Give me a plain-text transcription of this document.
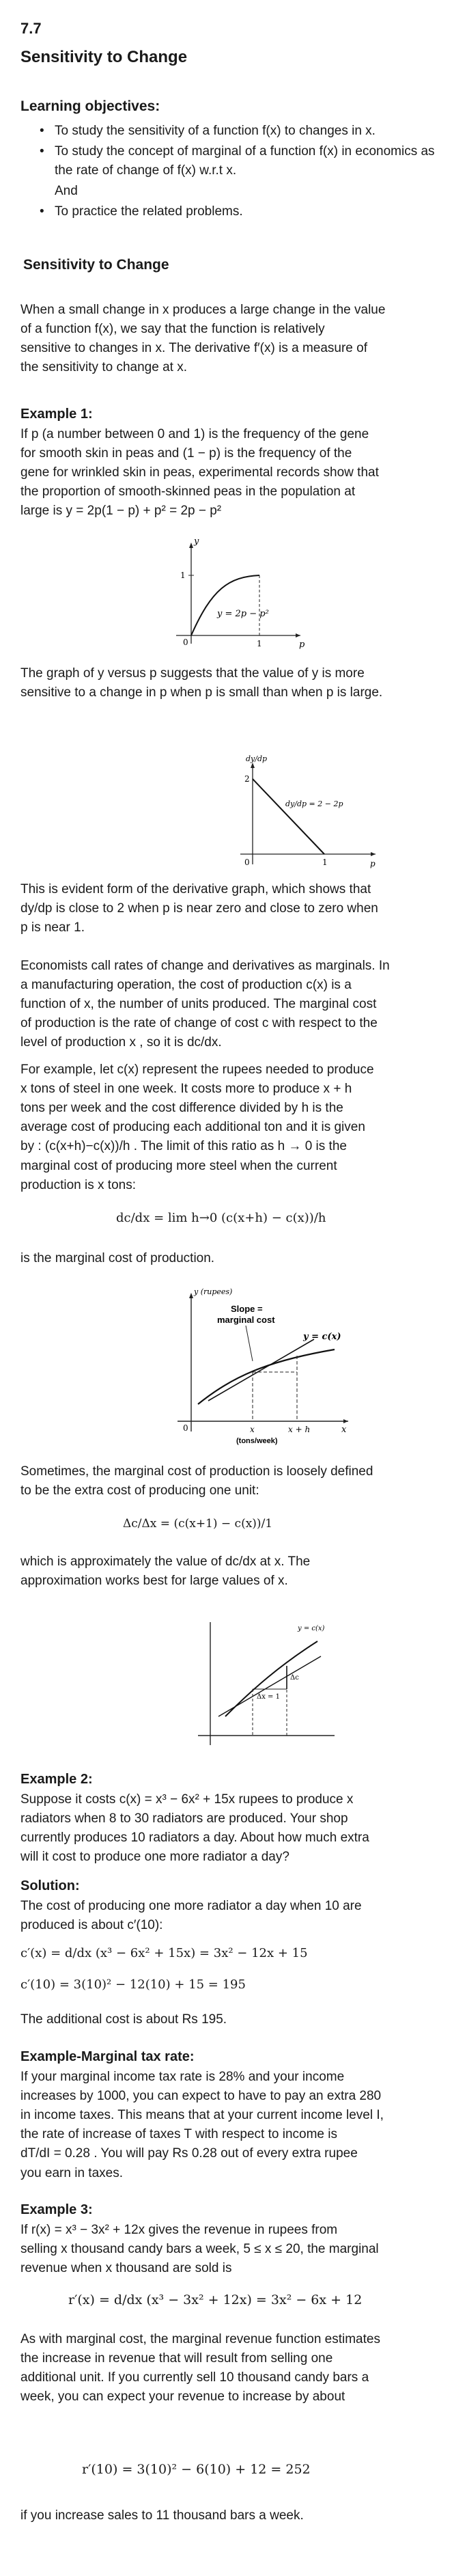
7.7
Sensitivity to Change
Learning objectives:
• To study the sensitivity of a function f(x) to changes in x.
• To study the concept of marginal of a function f(x) in economics as the rate of change of f(x) w.r.t x.
And
• To practice the related problems.
Sensitivity to Change
When a small change in x produces a large change in the value
of a function f(x), we say that the function is relatively
sensitive to changes in x. The derivative f′(x) is a measure of
the sensitivity to change at x.
Example 1:
If p (a number between 0 and 1) is the frequency of the gene
for smooth skin in peas and (1 − p) is the frequency of the
gene for wrinkled skin in peas, experimental records show that
the proportion of smooth-skinned peas in the population at
large is y = 2p(1 − p) + p² = 2p − p²
y
p
1
1
0
y = 2p − p²
The graph of y versus p suggests that the value of y is more
sensitive to a change in p when p is small than when p is large.
dy/dp
p
2
1
0
dy/dp = 2 − 2p
This is evident form of the derivative graph, which shows that
dy/dp is close to 2 when p is near zero and close to zero when
p is near 1.
Economists call rates of change and derivatives as marginals. In
a manufacturing operation, the cost of production c(x) is a
function of x, the number of units produced. The marginal cost
of production is the rate of change of cost c with respect to the
level of production x , so it is dc/dx.
For example, let c(x) represent the rupees needed to produce
x tons of steel in one week. It costs more to produce x + h
tons per week and the cost difference divided by h is the
average cost of producing each additional ton and it is given
by : (c(x+h)−c(x))/h . The limit of this ratio as h → 0 is the
marginal cost of producing more steel when the current
production is x tons:
dc/dx = lim h→0 (c(x+h) − c(x))/h
is the marginal cost of production.
y (rupees)
Slope =
marginal cost
y = c(x)
0	x
x	x + h
(tons/week)
Sometimes, the marginal cost of production is loosely defined
to be the extra cost of producing one unit:
Δc/Δx = (c(x+1) − c(x))/1
which is approximately the value of dc/dx at x. The
approximation works best for large values of x.
y = c(x)
Δx = 1
Δc
Example 2:
Suppose it costs c(x) = x³ − 6x² + 15x rupees to produce x
radiators when 8 to 30 radiators are produced. Your shop
currently produces 10 radiators a day. About how much extra
will it cost to produce one more radiator a day?
Solution:
The cost of producing one more radiator a day when 10 are
produced is about c′(10):
c′(x) = d/dx (x³ − 6x² + 15x) = 3x² − 12x + 15
c′(10) = 3(10)² − 12(10) + 15 = 195
The additional cost is about Rs 195.
Example-Marginal tax rate:
If your marginal income tax rate is 28% and your income
increases by 1000, you can expect to have to pay an extra 280
in income taxes. This means that at your current income level I,
the rate of increase of taxes T with respect to income is
dT/dI = 0.28 . You will pay Rs 0.28 out of every extra rupee
you earn in taxes.
Example 3:
If r(x) = x³ − 3x² + 12x gives the revenue in rupees from
selling x thousand candy bars a week, 5 ≤ x ≤ 20, the marginal
revenue when x thousand are sold is
r′(x) = d/dx (x³ − 3x² + 12x) = 3x² − 6x + 12
As with marginal cost, the marginal revenue function estimates
the increase in revenue that will result from selling one
additional unit. If you currently sell 10 thousand candy bars a
week, you can expect your revenue to increase by about
r′(10) = 3(10)² − 6(10) + 12 = 252
if you increase sales to 11 thousand bars a week.
